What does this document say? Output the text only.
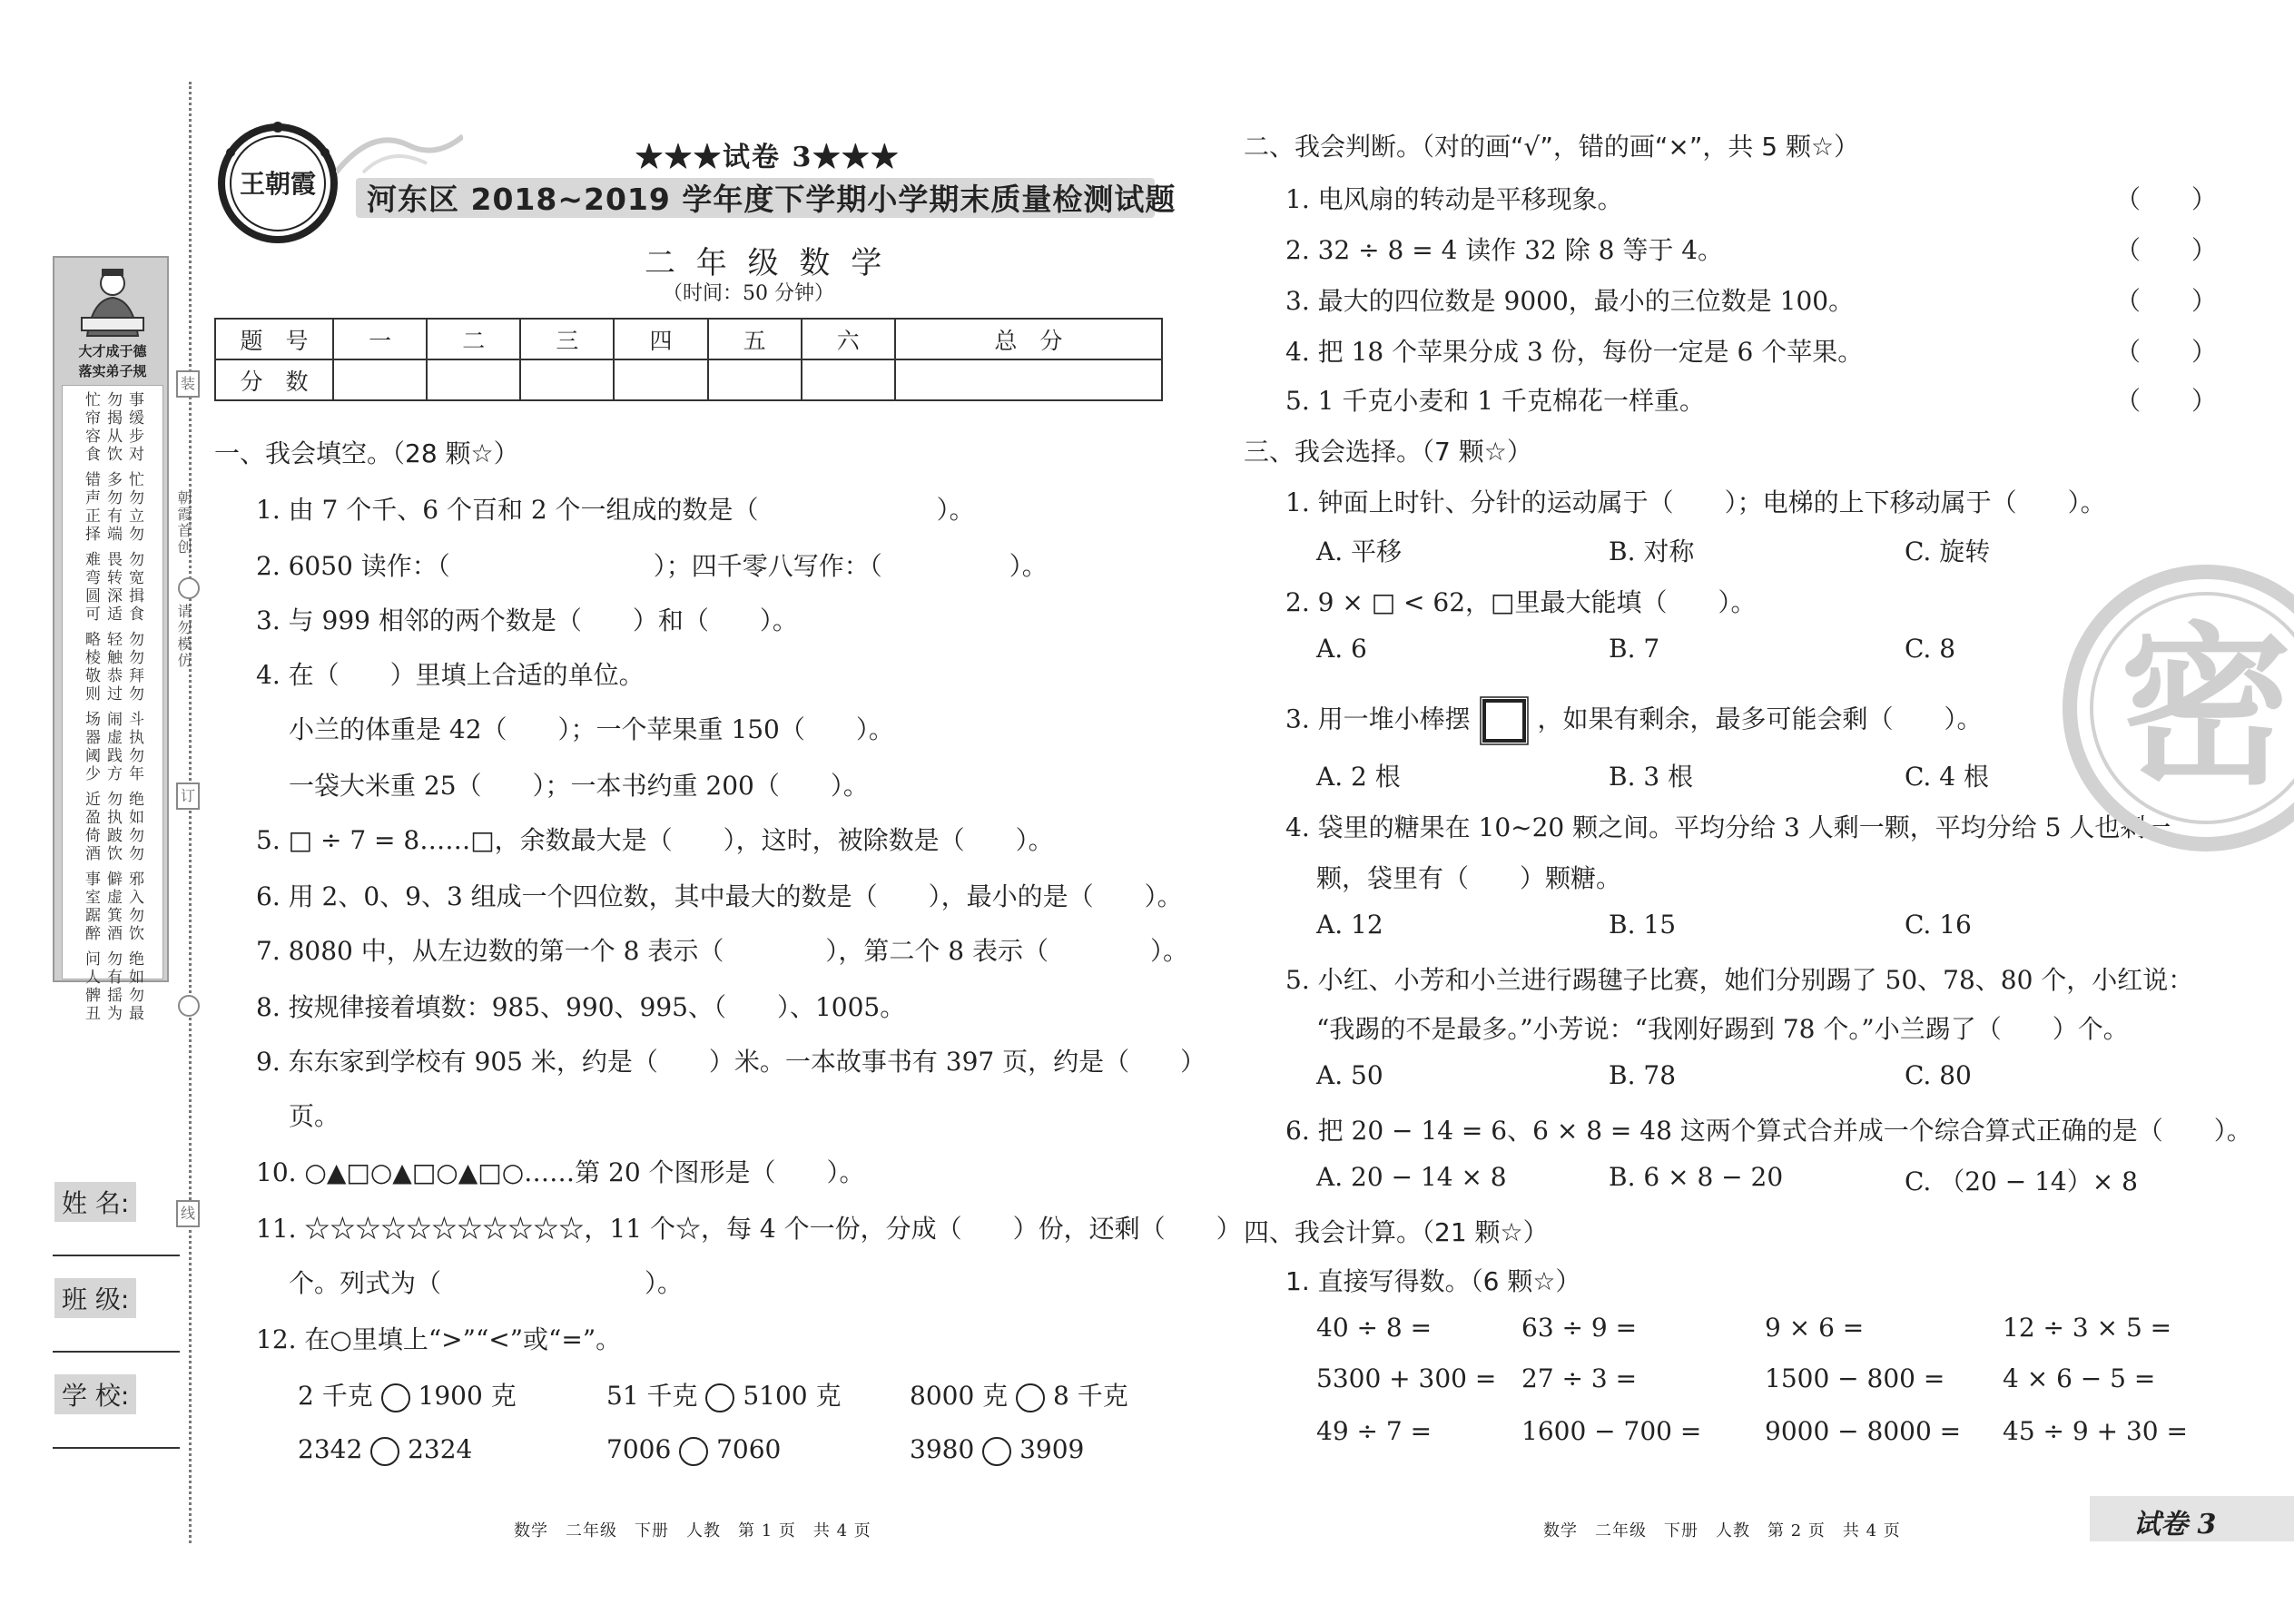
装
订
线
朝霞首创
请勿模仿
大才成于德
落实弟子规
事缓步对
勿揭从饮
忙帘容食
忙勿立勿
多勿有端
错声正择
勿宽揖食
畏转深适
难弯圆可
勿勿拜勿
轻触恭过
略棱敬则
斗执勿年
闹虚践方
场器阈少
绝如勿勿
勿执跛饮
近盈倚酒
邪入勿饮
僻虚箕酒
事室踞醉
绝如勿最
勿有揺为
问人髀丑
姓 名:
班 级:
学 校:
王朝霞
★★★试卷 3★★★
河东区 2018~2019 学年度下学期小学期末质量检测试题
二 年 级 数 学
（时间：50 分钟）
题　号	一	二	三	四	五	六	总　分
分　数							
一、我会填空。（28 颗☆）
1. 由 7 个千、6 个百和 2 个一组成的数是（　　　　　　　）。
2. 6050 读作：（　　　　　　　　）；四千零八写作：（　　　　　）。
3. 与 999 相邻的两个数是（　　）和（　　）。
4. 在（　　）里填上合适的单位。
小兰的体重是 42（　　）；一个苹果重 150（　　）。
一袋大米重 25（　　）；一本书约重 200（　　）。
5. □ ÷ 7 = 8……□，余数最大是（　　），这时，被除数是（　　）。
6. 用 2、0、9、3 组成一个四位数，其中最大的数是（　　），最小的是（　　）。
7. 8080 中，从左边数的第一个 8 表示（　　　　），第二个 8 表示（　　　　）。
8. 按规律接着填数：985、990、995、（　　）、1005。
9. 东东家到学校有 905 米，约是（　　）米。一本故事书有 397 页，约是（　　）
页。
10. ○▲□○▲□○▲□○……第 20 个图形是（　　）。
11. ☆☆☆☆☆☆☆☆☆☆☆，11 个☆，每 4 个一份，分成（　　）份，还剩（　　）
个。列式为（　　　　　　　　）。
12. 在○里填上“>”“<”或“=”。
2 千克 1900 克	51 千克 5100 克	8000 克 8 千克
2342 2324	7006 7060	3980 3909
二、我会判断。（对的画“√”，错的画“×”，共 5 颗☆）
1. 电风扇的转动是平移现象。	（　　）
2. 32 ÷ 8 = 4 读作 32 除 8 等于 4。	（　　）
3. 最大的四位数是 9000，最小的三位数是 100。	（　　）
4. 把 18 个苹果分成 3 份，每份一定是 6 个苹果。	（　　）
5. 1 千克小麦和 1 千克棉花一样重。	（　　）
三、我会选择。（7 颗☆）
1. 钟面上时针、分针的运动属于（　　）；电梯的上下移动属于（　　）。
A. 平移	B. 对称	C. 旋转
2. 9 × □ < 62，□里最大能填（　　）。
A. 6	B. 7	C. 8
3. 用一堆小棒摆	，如果有剩余，最多可能会剩（　　）。
A. 2 根	B. 3 根	C. 4 根
4. 袋里的糖果在 10~20 颗之间。平均分给 3 人剩一颗，平均分给 5 人也剩一
颗，袋里有（　　）颗糖。
A. 12	B. 15	C. 16
5. 小红、小芳和小兰进行踢毽子比赛，她们分别踢了 50、78、80 个，小红说：
“我踢的不是最多。”小芳说：“我刚好踢到 78 个。”小兰踢了（　　）个。
A. 50	B. 78	C. 80
6. 把 20 − 14 = 6、6 × 8 = 48 这两个算式合并成一个综合算式正确的是（　　）。
A. 20 − 14 × 8	B. 6 × 8 − 20	C. （20 − 14）× 8
四、我会计算。（21 颗☆）
1. 直接写得数。（6 颗☆）
40 ÷ 8 =	63 ÷ 9 =	9 × 6 =	12 ÷ 3 × 5 =
5300 + 300 = 27 ÷ 3 =	1500 − 800 = 4 × 6 − 5 =
49 ÷ 7 =	1600 − 700 = 9000 − 8000 = 45 ÷ 9 + 30 =
密
数学　二年级　下册　人教　第 1 页　共 4 页	数学　二年级　下册　人教　第 2 页　共 4 页	试卷 3
